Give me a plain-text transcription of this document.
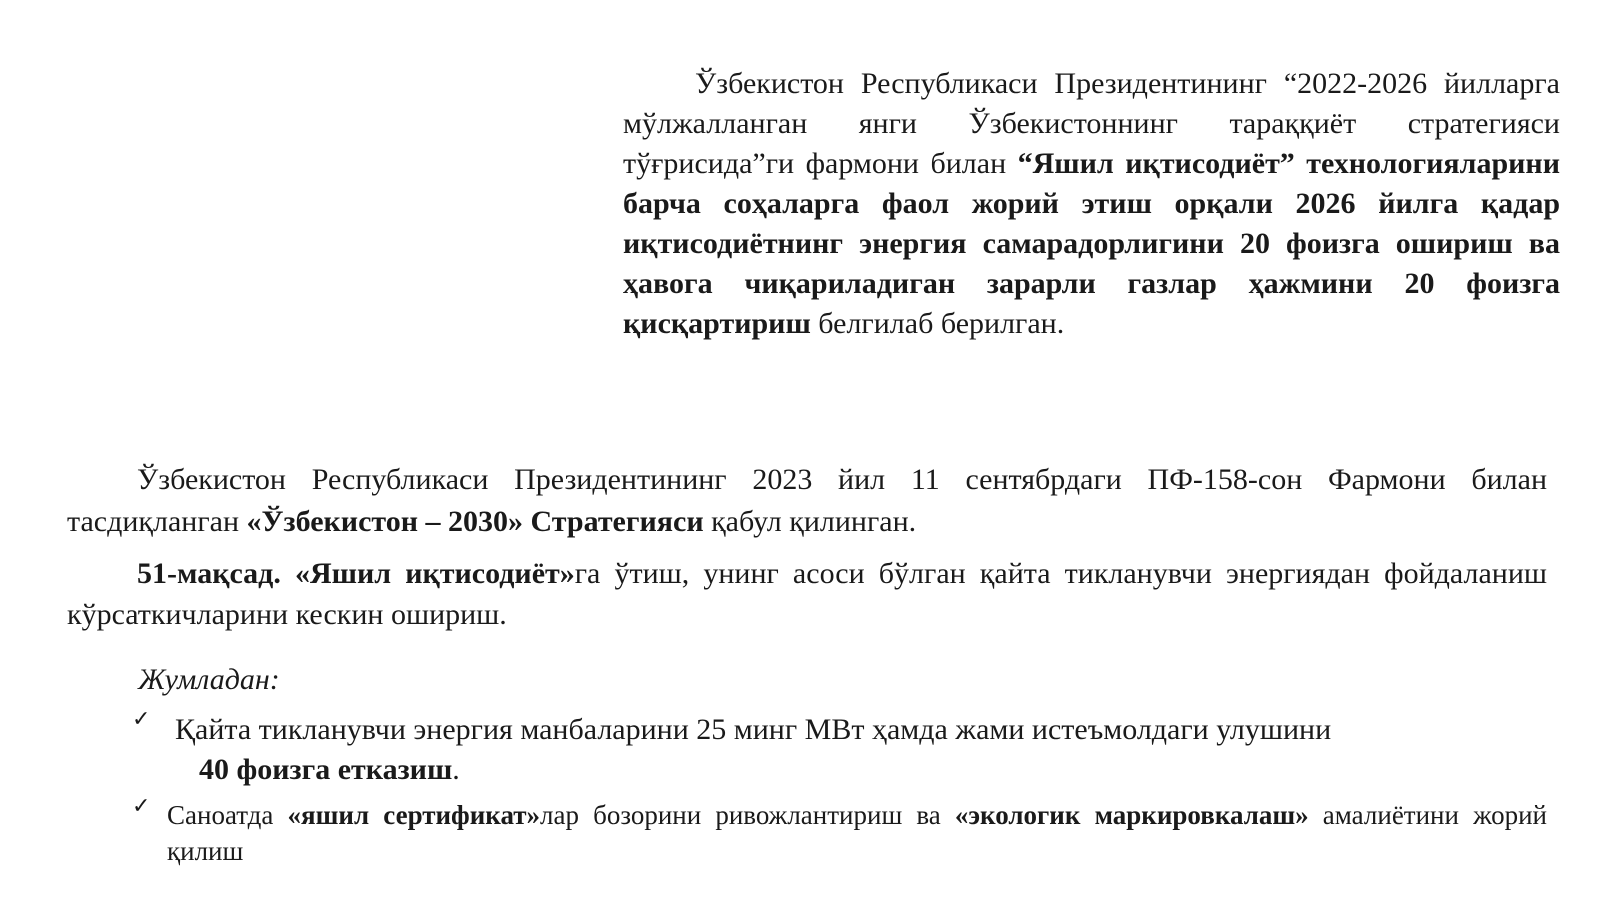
Ўзбекистон Республикаси Президентининг “2022-2026 йилларга мўлжалланган янги Ўзбекистоннинг тараққиёт стратегияси тўғрисида”ги фармони билан “Яшил иқтисодиёт” технологияларини барча соҳаларга фаол жорий этиш орқали 2026 йилга қадар иқтисодиётнинг энергия самарадорлигини 20 фоизга ошириш ва ҳавога чиқариладиган зарарли газлар ҳажмини 20 фоизга қисқартириш белгилаб берилган.

Ўзбекистон Республикаси Президентининг 2023 йил 11 сентябрдаги ПФ-158-сон Фармони билан тасдиқланган «Ўзбекистон – 2030» Стратегияси қабул қилинган.

51-мақсад. «Яшил иқтисодиёт»га ўтиш, унинг асоси бўлган қайта тикланувчи энергиядан фойдаланиш кўрсаткичларини кескин ошириш.

Жумладан:
✓ Қайта тикланувчи энергия манбаларини 25 минг МВт ҳамда жами истеъмолдаги улушини
40 фоизга етказиш.
✓ Саноатда «яшил сертификат»лар бозорини ривожлантириш ва «экологик маркировкалаш» амалиётини жорий қилиш
